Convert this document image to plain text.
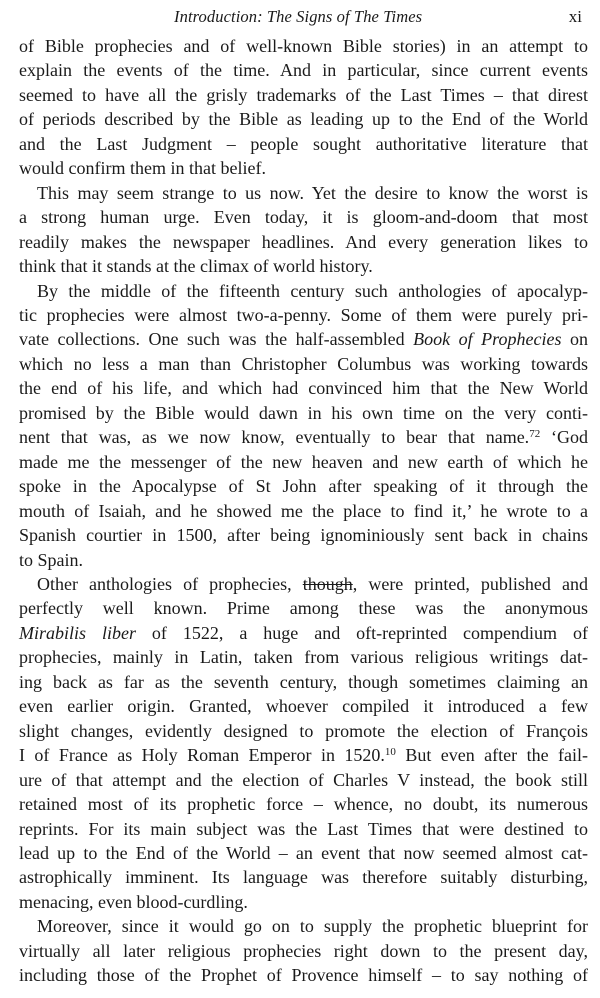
Introduction: The Signs of The Times	xi

of Bible prophecies and of well-known Bible stories) in an attempt to
explain the events of the time. And in particular, since current events
seemed to have all the grisly trademarks of the Last Times – that direst
of periods described by the Bible as leading up to the End of the World
and the Last Judgment – people sought authoritative literature that
would confirm them in that belief.

This may seem strange to us now. Yet the desire to know the worst is
a strong human urge. Even today, it is gloom-and-doom that most
readily makes the newspaper headlines. And every generation likes to
think that it stands at the climax of world history.

By the middle of the fifteenth century such anthologies of apocalyp-
tic prophecies were almost two-a-penny. Some of them were purely pri-
vate collections. One such was the half-assembled Book of Prophecies on
which no less a man than Christopher Columbus was working towards
the end of his life, and which had convinced him that the New World
promised by the Bible would dawn in his own time on the very conti-
nent that was, as we now know, eventually to bear that name.$^{72}$ ‘God
made me the messenger of the new heaven and new earth of which he
spoke in the Apocalypse of St John after speaking of it through the
mouth of Isaiah, and he showed me the place to find it,’ he wrote to a
Spanish courtier in 1500, after being ignominiously sent back in chains
to Spain.

Other anthologies of prophecies, though, were printed, published and
perfectly well known. Prime among these was the anonymous
Mirabilis liber of 1522, a huge and oft-reprinted compendium of
prophecies, mainly in Latin, taken from various religious writings dat-
ing back as far as the seventh century, though sometimes claiming an
even earlier origin. Granted, whoever compiled it introduced a few
slight changes, evidently designed to promote the election of François
I of France as Holy Roman Emperor in 1520.10 But even after the fail-
ure of that attempt and the election of Charles V instead, the book still
retained most of its prophetic force – whence, no doubt, its numerous
reprints. For its main subject was the Last Times that were destined to
lead up to the End of the World – an event that now seemed almost cat-
astrophically imminent. Its language was therefore suitably disturbing,
menacing, even blood-curdling.

Moreover, since it would go on to supply the prophetic blueprint for
virtually all later religious prophecies right down to the present day,
including those of the Prophet of Provence himself – to say nothing of
